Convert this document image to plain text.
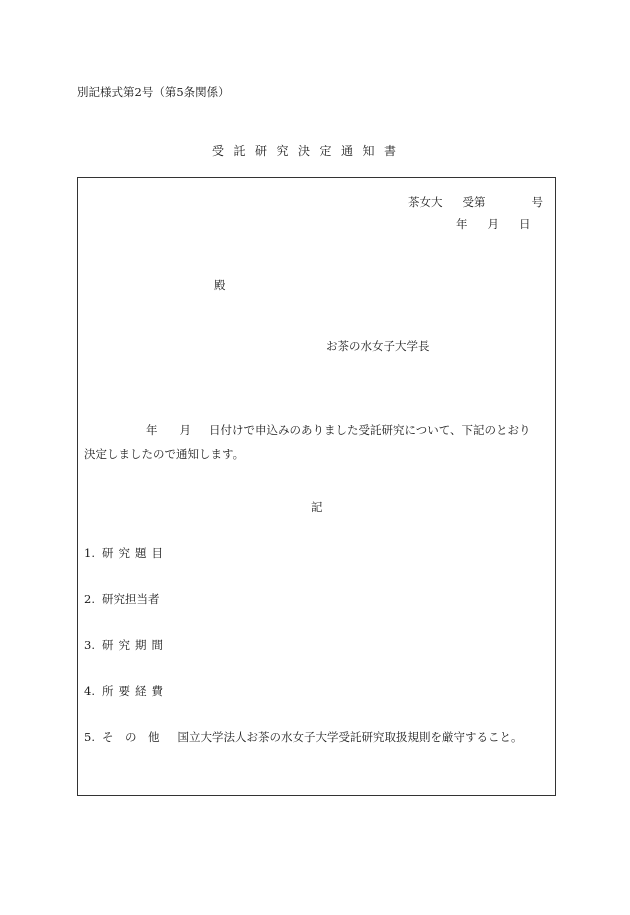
別記様式第2号（第5条関係）
受託研究決定通知書
茶女大 受第	号
年 月 日
殿
お茶の水女子大学長
年 月 日付けで申込みのありました受託研究について、下記のとおり
決定しましたので通知します。
記
1. 研究題目
2. 研究担当者
3. 研究期間
4. 所要経費
5. そ　の　他 国立大学法人お茶の水女子大学受託研究取扱規則を厳守すること。
